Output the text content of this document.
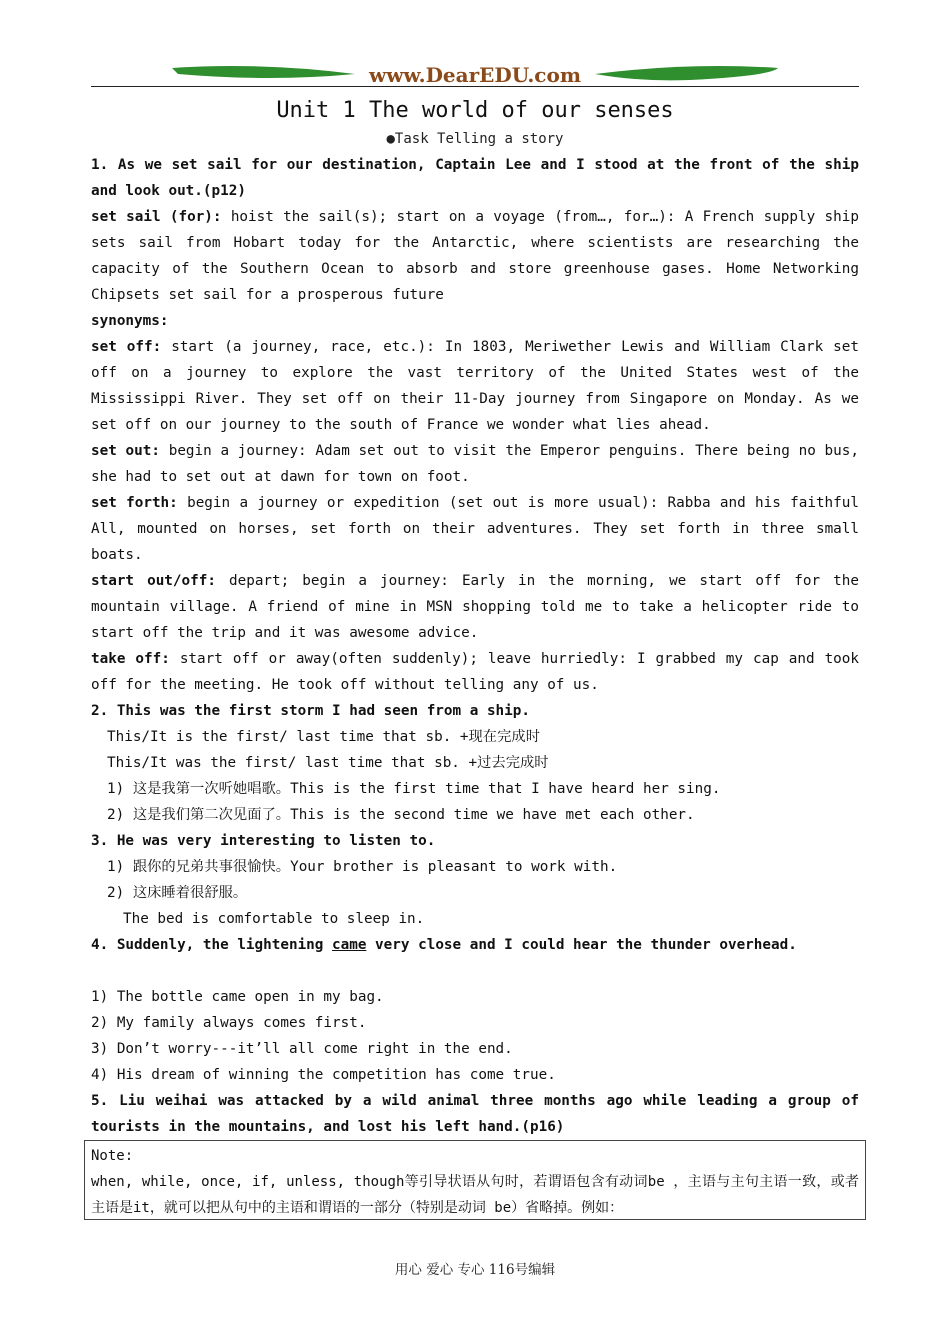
www.DearEDU.com
Unit 1 The world of our senses
●Task Telling a story

1. As we set sail for our destination, Captain Lee and I stood at the front of the ship and look out.(p12)

set sail (for): hoist the sail(s); start on a voyage (from…, for…): A French supply ship sets sail from Hobart today for the Antarctic, where scientists are researching the capacity of the Southern Ocean to absorb and store greenhouse gases. Home Networking Chipsets set sail for a prosperous future

synonyms:

set off: start (a journey, race, etc.): In 1803, Meriwether Lewis and William Clark set off on a journey to explore the vast territory of the United States west of the Mississippi River. They set off on their 11-Day journey from Singapore on Monday. As we set off on our journey to the south of France we wonder what lies ahead.

set out: begin a journey: Adam set out to visit the Emperor penguins. There being no bus, she had to set out at dawn for town on foot.

set forth: begin a journey or expedition (set out is more usual): Rabba and his faithful All, mounted on horses, set forth on their adventures. They set forth in three small boats.

start out/off: depart; begin a journey: Early in the morning, we start off for the mountain village. A friend of mine in MSN shopping told me to take a helicopter ride to start off the trip and it was awesome advice.

take off: start off or away(often suddenly); leave hurriedly: I grabbed my cap and took off for the meeting. He took off without telling any of us.

2. This was the first storm I had seen from a ship.

This/It is the first/ last time that sb. +现在完成时

This/It was the first/ last time that sb. +过去完成时

1) 这是我第一次听她唱歌。This is the first time that I have heard her sing.

2) 这是我们第二次见面了。This is the second time we have met each other.

3. He was very interesting to listen to.

1) 跟你的兄弟共事很愉快。Your brother is pleasant to work with.

2) 这床睡着很舒服。

The bed is comfortable to sleep in.

4. Suddenly, the lightening came very close and I could hear the thunder overhead.

1) The bottle came open in my bag.

2) My family always comes first.

3) Don’t worry---it’ll all come right in the end.

4) His dream of winning the competition has come true.

5. Liu weihai was attacked by a wild animal three months ago while leading a group of tourists in the mountains, and lost his left hand.(p16)

Note:
when, while, once, if, unless, though等引导状语从句时，若谓语包含有动词be ，主语与主句主语一致，或者主语是it，就可以把从句中的主语和谓语的一部分（特别是动词 be）省略掉。例如：
用心 爱心 专心 116号编辑
